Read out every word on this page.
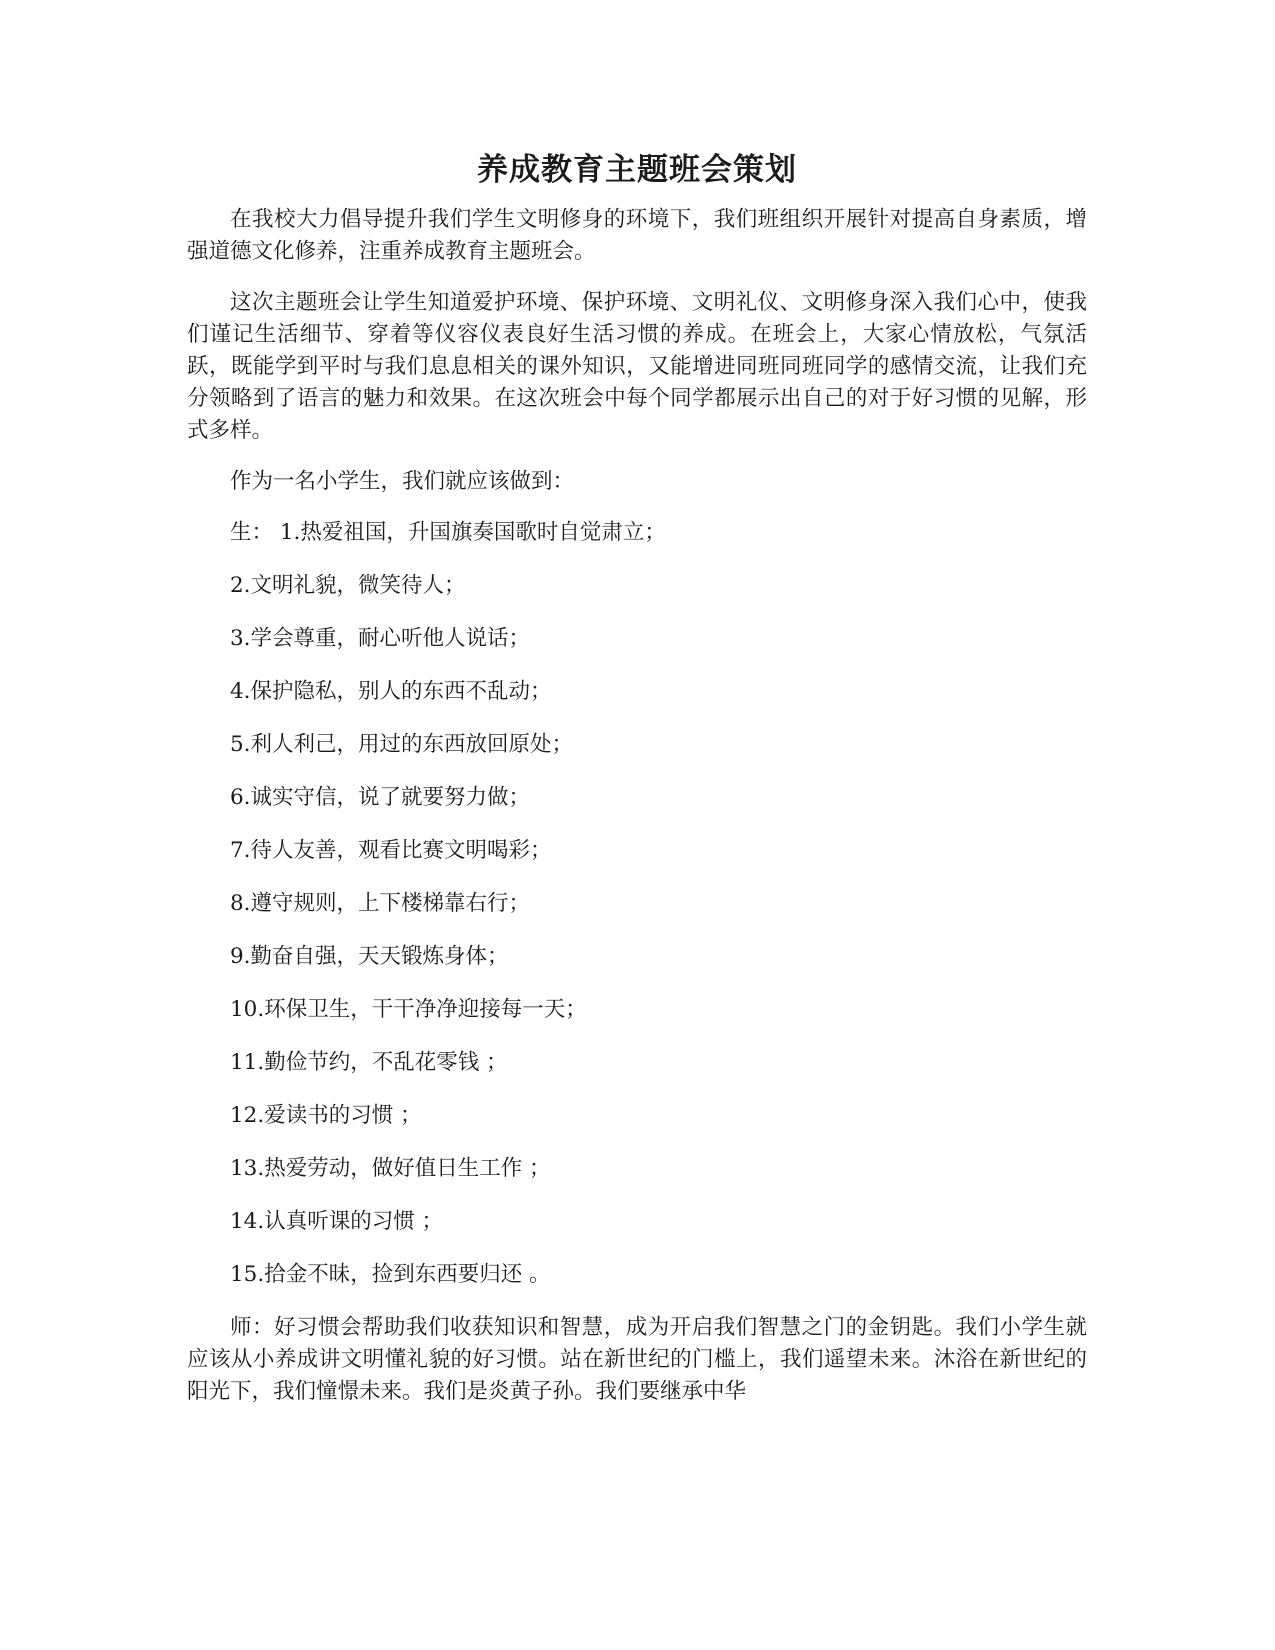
养成教育主题班会策划

在我校大力倡导提升我们学生文明修身的环境下，我们班组织开展针对提高自身素质，增强道德文化修养，注重养成教育主题班会。

这次主题班会让学生知道爱护环境、保护环境、文明礼仪、文明修身深入我们心中，使我们谨记生活细节、穿着等仪容仪表良好生活习惯的养成。在班会上，大家心情放松，气氛活跃，既能学到平时与我们息息相关的课外知识，又能增进同班同班同学的感情交流，让我们充分领略到了语言的魅力和效果。在这次班会中每个同学都展示出自己的对于好习惯的见解，形式多样。

作为一名小学生，我们就应该做到：

生： 1.热爱祖国，升国旗奏国歌时自觉肃立；
2.文明礼貌，微笑待人；
3.学会尊重，耐心听他人说话；
4.保护隐私，别人的东西不乱动；
5.利人利己，用过的东西放回原处；
6.诚实守信，说了就要努力做；
7.待人友善，观看比赛文明喝彩；
8.遵守规则，上下楼梯靠右行；
9.勤奋自强，天天锻炼身体；
10.环保卫生，干干净净迎接每一天；
11.勤俭节约，不乱花零钱 ；
12.爱读书的习惯 ；
13.热爱劳动，做好值日生工作 ；
14.认真听课的习惯 ；
15.拾金不昧，捡到东西要归还 。

师：好习惯会帮助我们收获知识和智慧，成为开启我们智慧之门的金钥匙。我们小学生就应该从小养成讲文明懂礼貌的好习惯。站在新世纪的门槛上，我们遥望未来。沐浴在新世纪的阳光下，我们憧憬未来。我们是炎黄子孙。我们要继承中华
